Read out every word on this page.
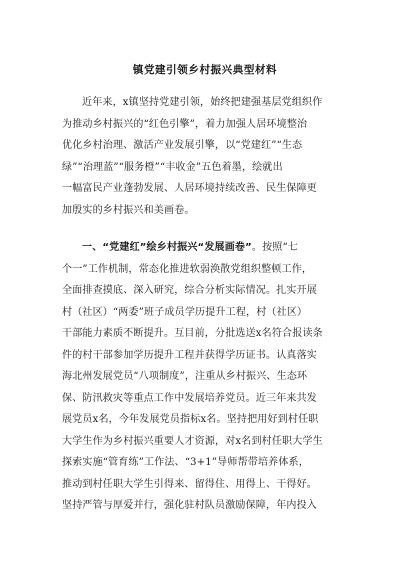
镇党建引领乡村振兴典型材料
近年来，x镇坚持党建引领，始终把建强基层党组织作
为推动乡村振兴的“红色引擎”，着力加强人居环境整治
优化乡村治理、激活产业发展引擎，以“党建红”“生态
绿”“治理蓝”“服务橙”“丰收金”五色着墨，绘就出
一幅富民产业蓬勃发展、人居环境持续改善、民生保障更
加殷实的乡村振兴和美画卷。
一、“党建红”绘乡村振兴“发展画卷”。按照“七
个一”工作机制，常态化推进软弱涣散党组织整顿工作，
全面排查摸底、深入研究，综合分析实际情况。扎实开展
村（社区）“两委”班子成员学历提升工程，村（社区）
干部能力素质不断提升。互目前，分批选送x名符合报读条
件的村干部参加学历提升工程并获得学历证书。认真落实
海北州发展党员“八项制度”，注重从乡村振兴、生态环
保、防汛救灾等重点工作中发展培养党员。近三年来共发
展党员x名，今年发展党员指标x名。坚持把用好到村任职
大学生作为乡村振兴重要人才资源，对x名到村任职大学生
探索实施“管育练”工作法、“3+1”导师帮带培养体系，
推动到村任职大学生引得来、留得住、用得上、干得好。
坚持严管与厚爱并行，强化驻村队员激励保障，年内投入
